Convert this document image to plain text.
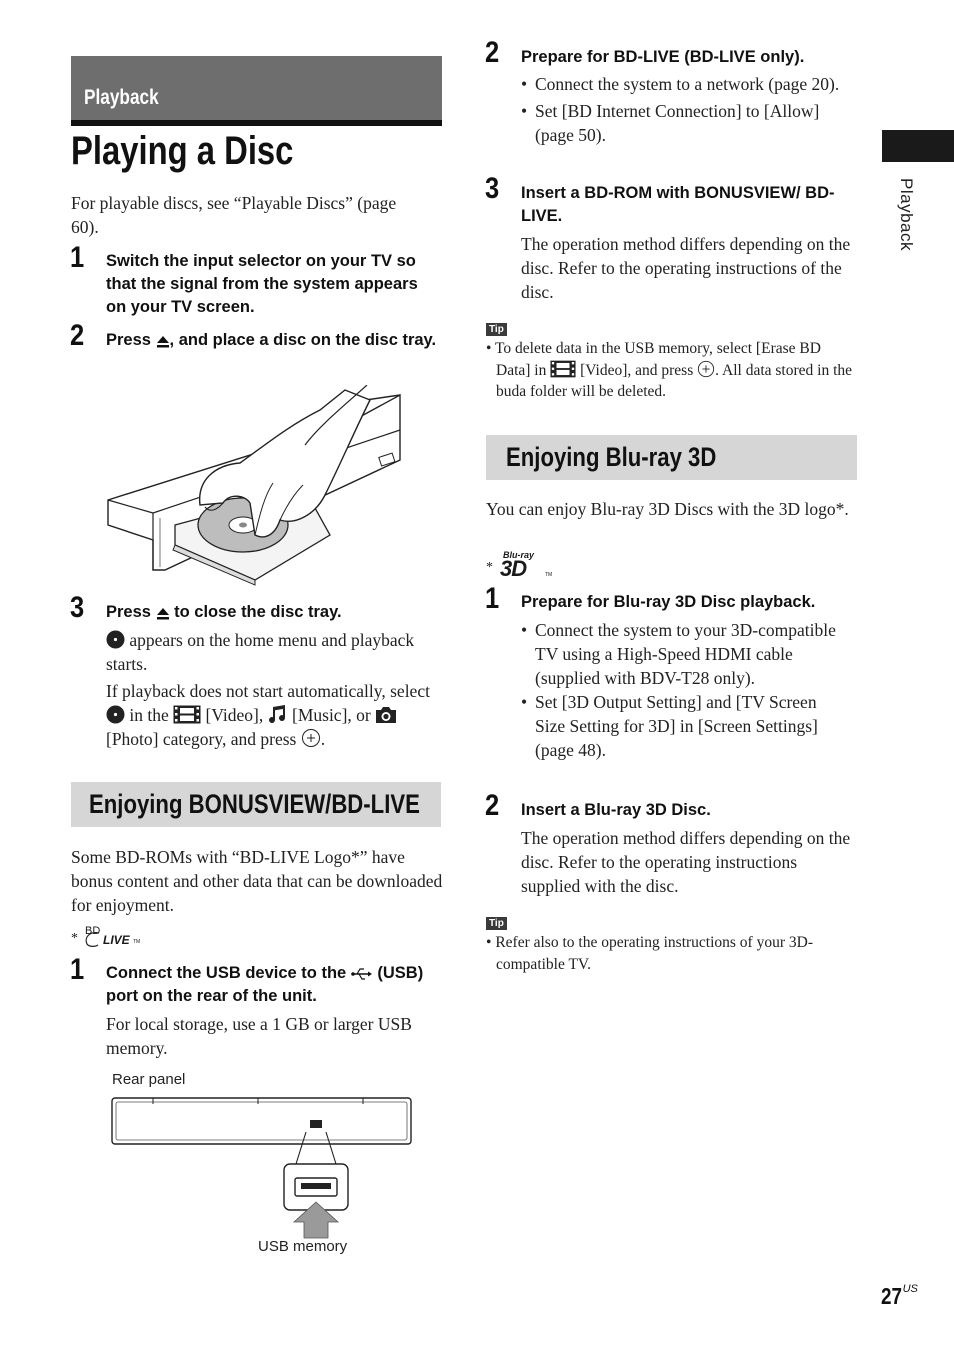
Playback
Playing a Disc
Playback
For playable discs, see “Playable Discs” (page 60).
1 Switch the input selector on your TV so that the signal from the system appears on your TV screen.
2 Press , and place a disc on the disc tray.
3 Press  to close the disc tray.
appears on the home menu and playback starts.
If playback does not start automatically, select  in the  [Video],  [Music], or  [Photo] category, and press .
Enjoying BONUSVIEW/BD-LIVE
Some BD-ROMs with “BD-LIVE Logo*” have bonus content and other data that can be downloaded for enjoyment.
* BD
LIVE TM
1 Connect the USB device to the  (USB) port on the rear of the unit.
For local storage, use a 1 GB or larger USB memory.
Rear panel
USB memory
2 Prepare for BD-LIVE (BD-LIVE only).
• Connect the system to a network (page 20).
• Set [BD Internet Connection] to [Allow] (page 50).
3 Insert a BD-ROM with BONUSVIEW/ BD-LIVE.
The operation method differs depending on the disc. Refer to the operating instructions of the disc.
Tip
• To delete data in the USB memory, select [Erase BD Data] in  [Video], and press . All data stored in the buda folder will be deleted.
Enjoying Blu-ray 3D
You can enjoy Blu-ray 3D Discs with the 3D logo*.
*
Blu-ray
3D	TM
1 Prepare for Blu-ray 3D Disc playback.
• Connect the system to your 3D-compatible TV using a High-Speed HDMI cable (supplied with BDV-T28 only).
• Set [3D Output Setting] and [TV Screen Size Setting for 3D] in [Screen Settings] (page 48).
2 Insert a Blu-ray 3D Disc.
The operation method differs depending on the disc. Refer to the operating instructions supplied with the disc.
Tip
• Refer also to the operating instructions of your 3D-compatible TV.
$27^{US}$
